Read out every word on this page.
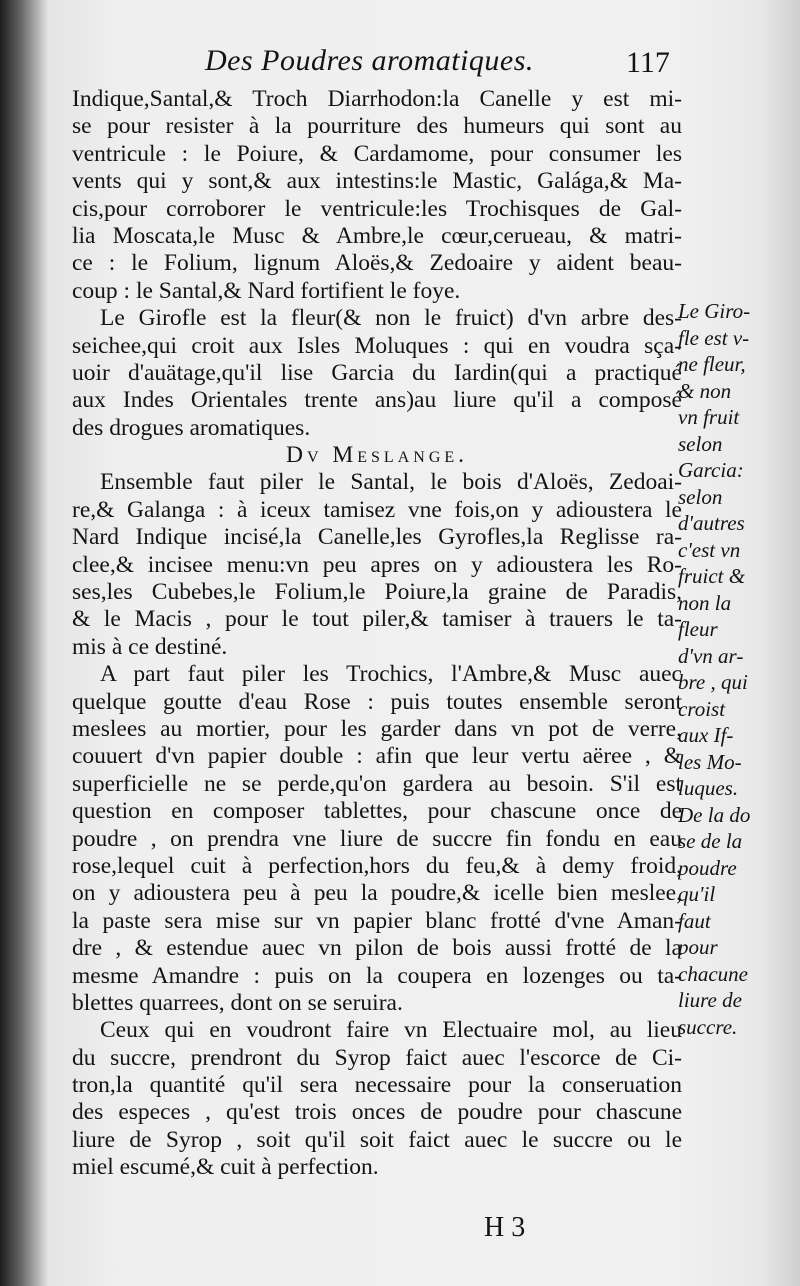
Des Poudres aromatiques.	117
Indique,Santal,& Troch Diarrhodon:la Canelle y est mi-
se pour resister à la pourriture des humeurs qui sont au
ventricule : le Poiure, & Cardamome, pour consumer les
vents qui y sont,& aux intestins:le Mastic, Galága,& Ma-
cis,pour corroborer le ventricule:les Trochisques de Gal-
lia Moscata,le Musc & Ambre,le cœur,cerueau, & matri-
ce : le Folium, lignum Aloës,& Zedoaire y aident beau-
coup : le Santal,& Nard fortifient le foye.
Le Girofle est la fleur(& non le fruict) d'vn arbre des-
seichee,qui croit aux Isles Moluques : qui en voudra sça-
uoir d'auätage,qu'il lise Garcia du Iardin(qui a practiqué
aux Indes Orientales trente ans)au liure qu'il a composé
des drogues aromatiques.
Dv Meslange.
Ensemble faut piler le Santal, le bois d'Aloës, Zedoai-
re,& Galanga : à iceux tamisez vne fois,on y adioustera le
Nard Indique incisé,la Canelle,les Gyrofles,la Reglisse ra-
clee,& incisee menu:vn peu apres on y adioustera les Ro-
ses,les Cubebes,le Folium,le Poiure,la graine de Paradis,
& le Macis , pour le tout piler,& tamiser à trauers le ta-
mis à ce destiné.
A part faut piler les Trochics, l'Ambre,& Musc auec
quelque goutte d'eau Rose : puis toutes ensemble seront
meslees au mortier, pour les garder dans vn pot de verre,
couuert d'vn papier double : afin que leur vertu aëree , &
superficielle ne se perde,qu'on gardera au besoin. S'il est
question en composer tablettes, pour chascune once de
poudre , on prendra vne liure de succre fin fondu en eau
rose,lequel cuit à perfection,hors du feu,& à demy froid,
on y adioustera peu à peu la poudre,& icelle bien meslee,
la paste sera mise sur vn papier blanc frotté d'vne Aman-
dre , & estendue auec vn pilon de bois aussi frotté de la
mesme Amandre : puis on la coupera en lozenges ou ta-
blettes quarrees, dont on se seruira.
Ceux qui en voudront faire vn Electuaire mol, au lieu
du succre, prendront du Syrop faict auec l'escorce de Ci-
tron,la quantité qu'il sera necessaire pour la conseruation
des especes , qu'est trois onces de poudre pour chascune
liure de Syrop , soit qu'il soit faict auec le succre ou le
miel escumé,& cuit à perfection.
Le Giro-
fle est v-
ne fleur,
& non
vn fruit
selon
Garcia:
selon
d'autres
c'est vn
fruict &
non la
fleur
d'vn ar-
bre , qui
croist
aux If-
les Mo-
luques.
De la do
se de la
poudre
qu'il
faut
pour
chacune
liure de
succre.
H 3
